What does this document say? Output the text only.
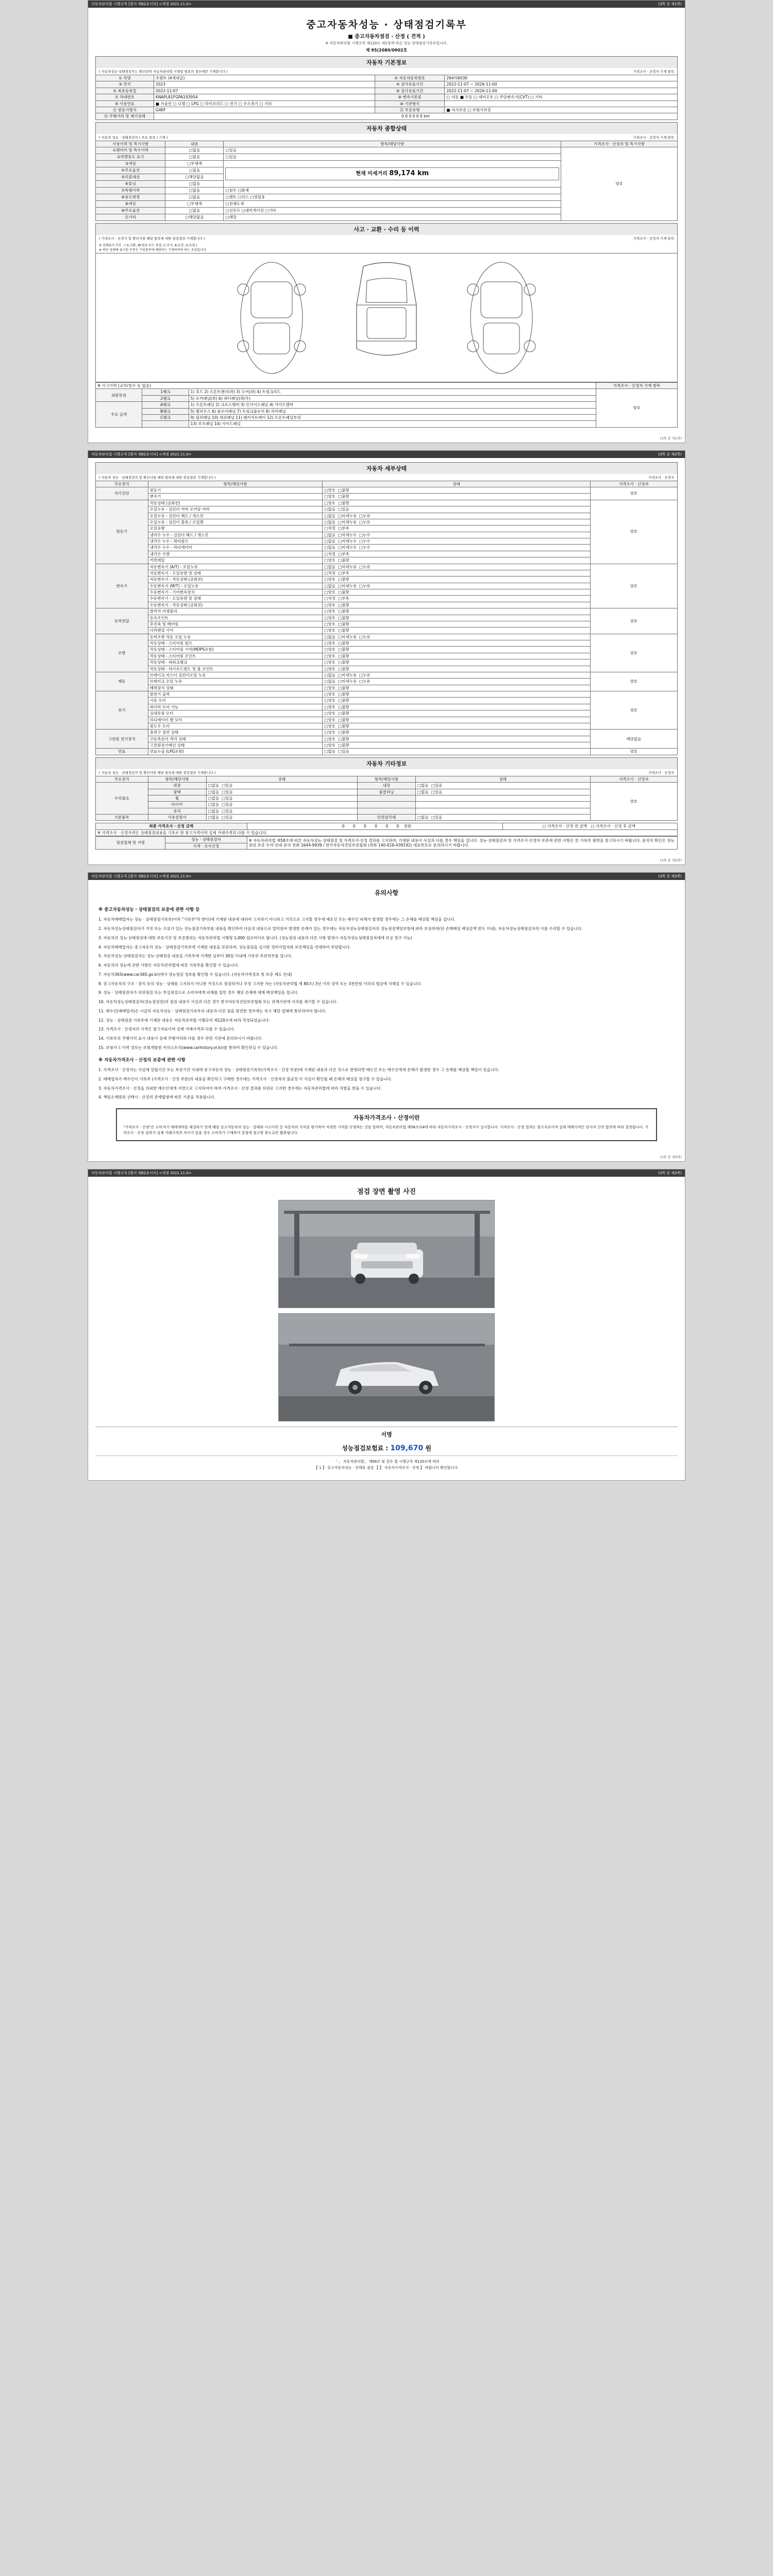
자동차관리법 시행규칙 [별지 제82호서식] <개정 2021.11.0>	(3쪽 중 제1쪽)
중고자동차성능 · 상태점검기록부
■ 중고자동차점검 · 산정 ( 견적 )
※ 자동차관리법 시행규칙 제120조 제1항에 따른 성능·상태점검기록부입니다.
제 95(2080/0902호
자동차 기본정보
( 자동차성능·상태점검자는 확인단위 자동차관리법 시행령 별표의 경우에만 기재합니다 )	가격조사 · 산정자 기재 항목
① 차명	쏘렌토 (4세대급)	② 자동차등록번호	264허6030
③ 연식	2023	④ 검사유효기간	2022-11-07 ~ 2026-11-00
⑤ 최초등록일	2022-11-07	⑥ 검사유효기간	2022-11-07 ~ 2026-11-00
⑦ 차대번호	KNAPL81FGPA193954	⑧ 변속기종류	□ 자동 ■ 수동 □ 세미오토 □ 무단변속기(CVT) □ 기타
⑨ 사용연료	■ 가솔린 □ 디젤 □ LPG □ 하이브리드 □ 전기 □ 수소전기 □ 기타	⑩ 기관형식	
⑪ 원동기형식	G4KF	⑫ 보증유형	■ 자가보증 □ 보험사보증
⑬ 주행거리 및 계기상태	0 0 0 0 0 0 km		
자동차 종합상태
( 자동차 성능 · 상태점검자 ( 주요 항목 ) 기재 )	가격조사 · 산정자 기재 항목
사용이력 및 특기사항	내용	항목/해당사항	가격조사 · 산정자 및 특기사항
①렌터카 및 특수이력	□없음	□있음	양호
②차량용도 표기	□없음	□있음	
③색상	□무채색	현재 미세거리 89,174 km	

④주요옵션	□없음		
⑤리콜대상	□해당없음		
⑥튜닝	□없음		
⑦특별이력	□없음	□침수 □화재	
⑧용도변경	□없음	□렌트 □리스 □영업용	
⑨색상	□무채색	□전체도색	
⑩주요옵션	□없음	□선루프 □내비게이션 □기타	
⑪기타	□해당없음	□해당	
사고 · 교환 · 수리 등 이력
( 가격조사 · 산정자 및 확인사항 해당 항목에 대한 점검결과 기재합니다 )	가격조사 · 산정자 기재 항목
※ 상태표시 부호 : ( X:교환, W:판금 또는 용접, C:부식, A:손상, U:요철 )
※ 하단 상태에 표시된 부분은 기록항목에 해당하는 기재하여야 하는 부위입니다.
※ 사고이력 (교차/침수 등 없음)			가격조사 · 산정자 기재 항목
외판부위	1랭크	1) 후드 2) 프론트펜더(좌) 3) 도어(좌) 4) 트렁크리드	양호
	2랭크	5) 로커패널(좌) 6) 쿼터패널(좌/우)	
주요 골격	A랭크	1) 프론트패널 2) 크로스멤버 3) 인사이드패널 4) 사이드멤버	
	B랭크	5) 휠하우스 6) 플로어패널 7) 트렁크플로어 8) 리어패널	
	C랭크	9) 필러패널 10) 대쉬패널 11) 패키지트레이 12) 프론트패널부위	
		13) 루프패널 14) 사이드패널	
(3쪽 중 제1쪽)
자동차관리법 시행규칙 [별지 제82호서식] <개정 2021.11.0>	(3쪽 중 제2쪽)
자동차 세부상태
( 자동차 성능 · 상태점검자 및 확인사항 해당 항목에 대한 점검결과 기재합니다 )	가격조사 · 산정자
주요장치	항목/해당사항	상태	가격조사 · 산정자
자기진단	원동기	□양호 □불량	양호
	변속기	□양호 □불량	
원동기	작동상태 (공회전)	□양호 □불량	양호
	오일누유 - 실린더 커버 로커암 커버	□없음 □있음	
	오일누유 - 실린더 헤드 / 개스킷	□없음 □미세누유 □누유	
	오일누유 - 실린더 블록 / 오일팬	□없음 □미세누유 □누유	
	오일유량	□적정 □부족	
	냉각수 누수 - 실린더 헤드 / 개스킷	□없음 □미세누수 □누수	
	냉각수 누수 - 워터펌프	□없음 □미세누수 □누수	
	냉각수 누수 - 라디에이터	□없음 □미세누수 □누수	
	냉각수 수량	□적정 □부족	
	커먼레일	□양호 □불량	
변속기	자동변속기 (A/T) - 오일누유	□없음 □미세누유 □누유	양호
	자동변속기 - 오일유량 및 상태	□적정 □부족	
	자동변속기 - 작동상태 (공회전)	□양호 □불량	
	수동변속기 (M/T) - 오일누유	□없음 □미세누유 □누유	
	수동변속기 - 기어변속장치	□양호 □불량	
	수동변속기 - 오일유량 및 상태	□적정 □부족	
	수동변속기 - 작동상태 (공회전)	□양호 □불량	
동력전달	클러치 어셈블리	□양호 □불량	양호
	등속조인트	□양호 □불량	
	추진축 및 베어링	□양호 □불량	
	디퍼렌셜 기어	□양호 □불량	
조향	동력조향 작동 오일 누유	□없음 □미세누유 □누유	양호
	작동상태 - 스티어링 펌프	□양호 □불량	
	작동상태 - 스티어링 기어(MDPS포함)	□양호 □불량	
	작동상태 - 스티어링 조인트	□양호 □불량	
	작동상태 - 파워크랭크	□양호 □불량	
	작동상태 - 타이로드엔드 및 볼 조인트	□양호 □불량	
제동	브레이크 마스터 실린더오일 누유	□없음 □미세누유 □누유	양호
	브레이크 오일 누유	□없음 □미세누유 □누유	
	배력장치 상태	□양호 □불량	
전기	발전기 출력	□양호 □불량	양호
	시동 모터	□양호 □불량	
	와이퍼 모터 기능	□양호 □불량	
	실내송풍 모터	□양호 □불량	
	라디에이터 팬 모터	□양호 □불량	
	윈도우 모터	□양호 □불량	
고전원 전기장치	충전구 절연 상태	□양호 □불량	해당없음
	구동축전지 격리 상태	□양호 □불량	
	고전원전기배선 상태	□양호 □불량	
연료	연료누출 (LPG포함)	□없음 □있음	양호
자동차 기타정보
( 자동차 성능 · 상태점검자 및 확인사항 해당 항목에 대한 점검결과 기재합니다 )	가격조사 · 산정자
주요장치	항목/해당사항	상태	항목/해당사항	상태	가격조사 · 산정자
수리필요	외장	□없음 □있음	내장	□없음 □있음	양호
	광택	□없음 □있음	룸클리닝	□없음 □있음	
	휠	□없음 □있음			
	타이어	□없음 □있음			
	유리	□없음 □있음			
기본품목	사용설명서	□없음 □있음	안전삼각대	□없음 □있음	
최종 가격조사 · 산정 금액	0 0 0 0 0 0 천원	□ 가격조사 · 산정 전 금액 □ 가격조사 · 산정 후 금액
※ 가격조사 · 산정가격은 상태점검내용을 기초로 한 참고가격이며 실제 거래가격과 다를 수 있습니다.
점검업체 및 서명	성능 · 상태점검자	※ 자동차관리법 제58조에 따른 자동차성능·상태점검 및 가격조사·산정 결과를 고지하며, 기재된 내용이 사실과 다를 경우 책임을 집니다. 성능·상태점검자 및 가격조사·산정자 보증에 관한 사항은 본 기록부 뒷면을 참고하시기 바랍니다. 문의처 확인은 성능점검 보증 수리 안내 문의 전화 1644-9939 / 한국자동차진단보증협회 (전화 140-016-439192) 대표번호로 문의하시기 바랍니다.
가격 · 조사산정
(3쪽 중 제2쪽)
자동차관리법 시행규칙 [별지 제82호서식] <개정 2021.11.0>	(3쪽 중 제3쪽)
유의사항
※ 중고자동차성능 · 상태점검의 보증에 관한 사항 등

1. 자동차매매업자는 성능 · 상태점검기록부(이하 "기록부"라 한다)에 기재된 내용에 대하여 고지하기 아니하고 거짓으로 고지할 경우에 매도인 또는 매수인 피해가 발생할 경우에는 그 손해를 배상할 책임을 집니다.

2. 자동차성능상태점검자가 거짓 또는 오류가 있는 성능점검기록부를 내용을 확인하여 다음의 내용으로 말미암아 발생한 손해가 있는 경우에는 자동차성능상태점검자의 성능점검책임보험에 따라 보상하며(단 손해배상 배상금액 한도 이내), 자동차성능상태점검자의 이를 수리할 수 있습니다.

3. 자동차의 성능·상태점검에 대한 보증기간 및 보증범위는 자동차관리법 시행령 1,000 킬로미터로 합니다. (성능점검 내용과 다른 사항 발생시 자동차성능상태점검자에게 보상 청구 가능)

4. 자동차매매업자는 중고자동차 성능 · 상태점검기록부에 기재된 내용을 보증하며, 성능점검을 실시한 정비사업자와 보증책임을 연대하여 부담합니다.

5. 자동차성능·상태점검자는 성능·상태점검 내용을 기록부에 기재한 날부터 30일 이내에 기록부 보관의무를 집니다.

6. 자동차의 성능에 관한 사항은 자동차관리법에 따른 기록부를 확인할 수 있습니다.

7. 자동차365(www.car365.go.kr)에서 성능점검 정보를 확인할 수 있습니다. (자동차이력정보 및 보증 제도 안내)

8. 중고자동차의 구조 · 장치 등의 성능 · 상태를 고지하지 아니한 거짓으로 점검하거나 부정 고지한 자는 (자동차관리법 제 80조) 3년 이하 징역 또는 3천만원 이하의 벌금에 처해질 수 있습니다.

9. 성능 · 상태점검자가 허위점검 또는 부실점검으로 소비자에게 피해를 입힌 경우 해당 손해에 대해 배상책임을 집니다.

10. 자동차성능상태점검자(성능점검장)의 점검 내용이 사실과 다른 경우 한국자동차진단보증협회 또는 관계기관에 이의를 제기할 수 있습니다.

11. 매수인(매매업자)은 시급히 자동차성능 · 상태점검기록부의 내용과 다른 점을 발견한 경우에는 즉시 해당 업체에 통보하여야 합니다.

12. 성능 · 상태점검 기록부에 기재된 내용은 자동차관리법 시행규칙 제120조에 따라 작성되었습니다.

13. 가격조사 · 산정자의 가격은 참고자료이며 실제 거래가격과 다를 수 있습니다.

14. 기록부의 주행거리 표시 내용이 실제 주행거리와 다를 경우 관련 기관에 문의하시기 바랍니다.

15. 보험사고 이력 정보는 보험개발원 카히스토리(www.carhistory.or.kr)를 통하여 확인하실 수 있습니다.

※ 자동차가격조사 · 산정의 보증에 관한 사항

1. 가격조사 · 산정자는 사실에 설립기간 또는 보증기간 이내에 중고자동차 성능 · 상태점검기록부(가격조사 · 산정 부분)에 기재된 내용과 다른 것으로 판명되면 매도인 또는 매수인에게 손해가 발생한 경우 그 손해를 배상할 책임이 있습니다.

2. 매매업자가 매수인이 기록부 (가격조사 · 산정 부분)의 내용을 확인하고 구매한 경우에는 가격조사 · 산정자의 불공정 이 사실이 확인될 때 손해의 배상을 청구할 수 있습니다.

3. 자동차가격조사 · 산정을 의뢰한 매수인에게 서면으로 고지하여야 하며 가격조사 · 산정 결과를 허위로 고지한 경우에는 자동차관리법에 따라 처벌을 받을 수 있습니다.

4. 책임소재범위 선택시 · 산정의 관계법령에 따른 기준을 적용합니다.

자동차가격조사 · 산정이란
"가격조사 · 산정"은 소비자가 매매계약을 체결하기 전에 해당 중고자동차의 성능 · 상태와 사고이력 등 자동차의 가치를 평가하여 적정한 가격을 산정하는 것을 말하며, 자동차관리법 제58조의4에 따라 자동차가격조사 · 산정자가 실시합니다. 가격조사 · 산정 결과는 참고자료이며 실제 매매가격은 당사자 간의 합의에 따라 결정됩니다. 가격조사 · 산정 결과가 실제 거래가격과 차이가 있을 경우 소비자가 구매하여 결정에 참고할 용도로만 활용됩니다.
(3쪽 중 제3쪽)
자동차관리법 시행규칙 [별지 제82호서식] <개정 2021.11.0>	(3쪽 중 제3쪽)
점검 장면 촬영 사진
서명
성능점검보험료 : 109,670 원
「 」 자동차관리법」 제58조 및 같은 법 시행규칙 제120조에 따라
【 1 】 중고자동차성능 · 상태를 점검 【 】 자동차가격조사 · 산정 】 바랍니다 확인합니다.
